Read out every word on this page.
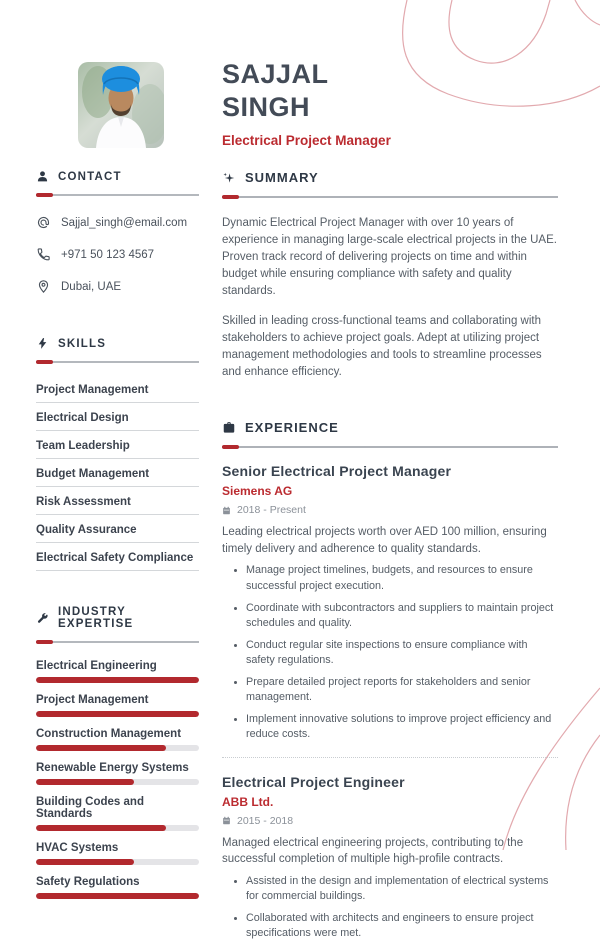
SAJJAL
SINGH
Electrical Project Manager
CONTACT
Sajjal_singh@email.com
+971 50 123 4567
Dubai, UAE
SKILLS
Project Management
Electrical Design
Team Leadership
Budget Management
Risk Assessment
Quality Assurance
Electrical Safety Compliance
INDUSTRY EXPERTISE
Electrical Engineering
Project Management
Construction Management
Renewable Energy Systems
Building Codes and Standards
HVAC Systems
Safety Regulations
SUMMARY

Dynamic Electrical Project Manager with over 10 years of experience in managing large-scale electrical projects in the UAE. Proven track record of delivering projects on time and within budget while ensuring compliance with safety and quality standards.

Skilled in leading cross-functional teams and collaborating with stakeholders to achieve project goals. Adept at utilizing project management methodologies and tools to streamline processes and enhance efficiency.

EXPERIENCE
Senior Electrical Project Manager
Siemens AG
2018 - Present
Leading electrical projects worth over AED 100 million, ensuring timely delivery and adherence to quality standards.
• Manage project timelines, budgets, and resources to ensure successful project execution.
• Coordinate with subcontractors and suppliers to maintain project schedules and quality.
• Conduct regular site inspections to ensure compliance with safety regulations.
• Prepare detailed project reports for stakeholders and senior management.
• Implement innovative solutions to improve project efficiency and reduce costs.
Electrical Project Engineer
ABB Ltd.
2015 - 2018
Managed electrical engineering projects, contributing to the successful completion of multiple high-profile contracts.
• Assisted in the design and implementation of electrical systems for commercial buildings.
• Collaborated with architects and engineers to ensure project specifications were met.
